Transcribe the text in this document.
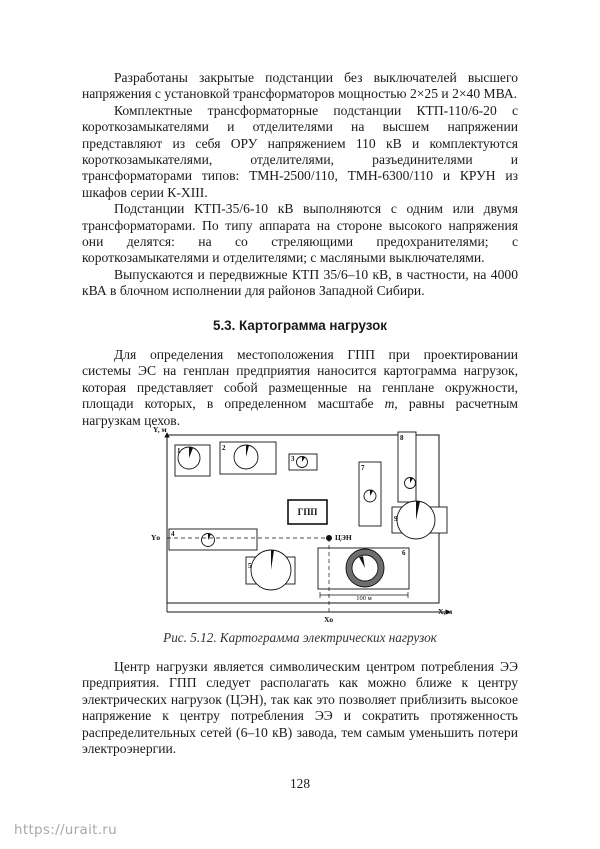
Разработаны закрытые подстанции без выключателей высшего напряжения с установкой трансформаторов мощностью 2×25 и 2×40 МВА.

Комплектные трансформаторные подстанции КТП-110/6-20 с короткозамыкателями и отделителями на высшем напряжении представляют из себя ОРУ напряжением 110 кВ и комплектуются короткозамыкателями, отделителями, разъединителями и трансформаторами типов: ТМН-2500/110, ТМН-6300/110 и КРУН из шкафов серии К-XIII.

Подстанции КТП-35/6-10 кВ выполняются с одним или двумя трансформаторами. По типу аппарата на стороне высокого напряжения они делятся: на со стреляющими предохранителями; с короткозамыкателями и отделителями; с масляными выключателями.

Выпускаются и передвижные КТП 35/6–10 кВ, в частности, на 4000 кВА в блочном исполнении для районов Западной Сибири.

5.3. Картограмма нагрузок

Для определения местоположения ГПП при проектировании системы ЭС на генплан предприятия наносится картограмма нагрузок, которая представляет собой размещенные на генплане окружности, площади которых, в определенном масштабе m, равны расчетным нагрузкам цехов.

Y, м
X, м
1	2
3
ГПП
7
8
9
4
5
6
100 м
ЦЭН
Yо
Xо
Рис. 5.12. Картограмма электрических нагрузок

Центр нагрузки является символическим центром потребления ЭЭ предприятия. ГПП следует располагать как можно ближе к центру электрических нагрузок (ЦЭН), так как это позволяет приблизить высокое напряжение к центру потребления ЭЭ и сократить протяженность распределительных сетей (6–10 кВ) завода, тем самым уменьшить потери электроэнергии.

128
https://urait.ru
